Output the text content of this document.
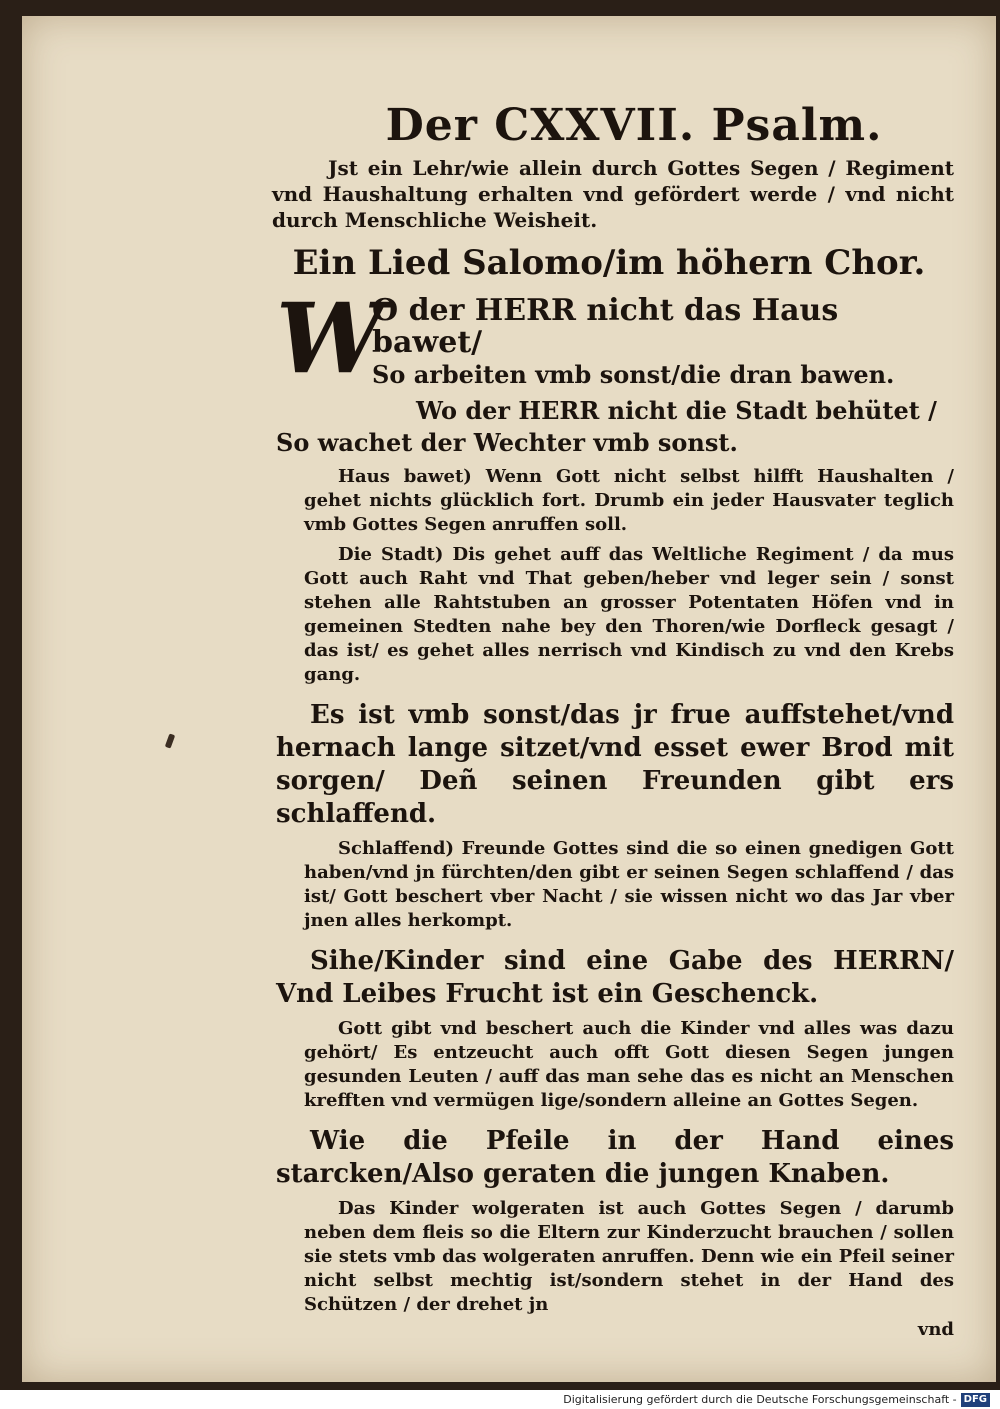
Der CXXVII. Psalm.
Jst ein Lehr/wie allein durch Gottes Segen / Regiment vnd Haushaltung erhalten vnd gefördert werde / vnd nicht durch Menschliche Weisheit.
Ein Lied Salomo/im höhern Chor.
W
O der HERR nicht das Haus bawet/
So arbeiten vmb sonst/die dran bawen.
Wo der HERR nicht die Stadt behütet / So wachet der Wechter vmb sonst.
Haus bawet) Wenn Gott nicht selbst hilfft Haushalten / gehet nichts glücklich fort. Drumb ein jeder Hausvater teglich vmb Gottes Segen anruffen soll.
Die Stadt) Dis gehet auff das Weltliche Regiment / da mus Gott auch Raht vnd That geben/heber vnd leger sein / sonst stehen alle Rahtstuben an grosser Potentaten Höfen vnd in gemeinen Stedten nahe bey den Thoren/wie Dorfleck gesagt / das ist/ es gehet alles nerrisch vnd Kindisch zu vnd den Krebs gang.
Es ist vmb sonst/das jr frue auffstehet/vnd hernach lange sitzet/vnd esset ewer Brod mit sorgen/ Deñ seinen Freunden gibt ers schlaffend.
Schlaffend) Freunde Gottes sind die so einen gnedigen Gott haben/vnd jn fürchten/den gibt er seinen Segen schlaffend / das ist/ Gott beschert vber Nacht / sie wissen nicht wo das Jar vber jnen alles herkompt.
Sihe/Kinder sind eine Gabe des HERRN/ Vnd Leibes Frucht ist ein Geschenck.
Gott gibt vnd beschert auch die Kinder vnd alles was dazu gehört/ Es entzeucht auch offt Gott diesen Segen jungen gesunden Leuten / auff das man sehe das es nicht an Menschen krefften vnd vermügen lige/sondern alleine an Gottes Segen.
Wie die Pfeile in der Hand eines starcken/Also geraten die jungen Knaben.
Das Kinder wolgeraten ist auch Gottes Segen / darumb neben dem fleis so die Eltern zur Kinderzucht brauchen / sollen sie stets vmb das wolgeraten anruffen. Denn wie ein Pfeil seiner nicht selbst mechtig ist/sondern stehet in der Hand des Schützen / der drehet jn
vnd
Digitalisierung gefördert durch die Deutsche Forschungsgemeinschaft - DFG
